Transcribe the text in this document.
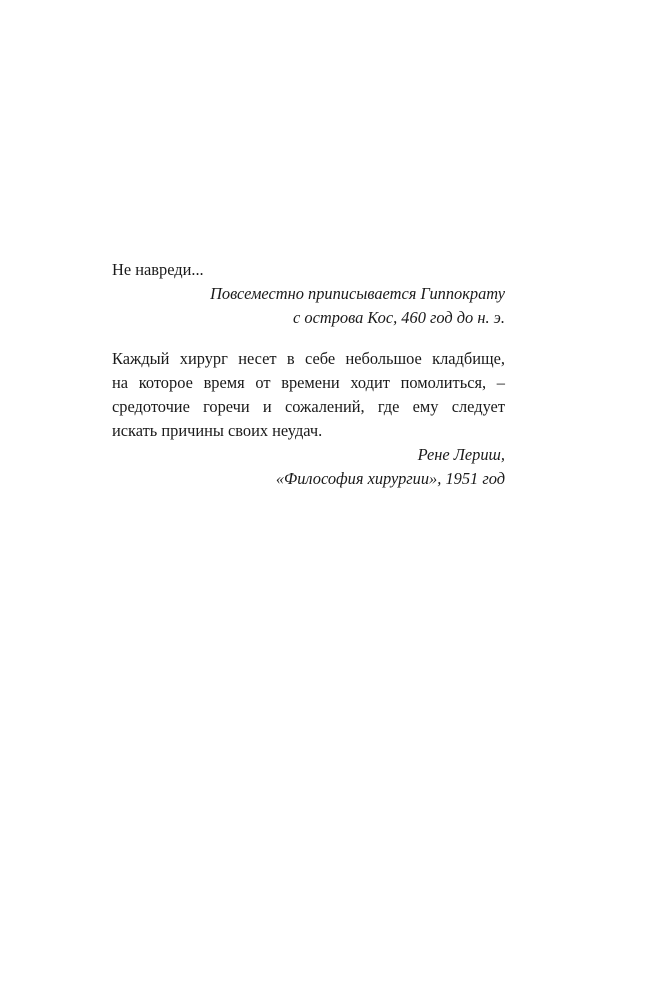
Не навреди...
Повсеместно приписывается Гиппократу
с острова Кос, 460 год до н. э.
Каждый хирург несет в себе небольшое кладбище,
на которое время от времени ходит помолиться, –
средоточие горечи и сожалений, где ему следует
искать причины своих неудач.
Рене Лериш,
«Философия хирургии», 1951 год
